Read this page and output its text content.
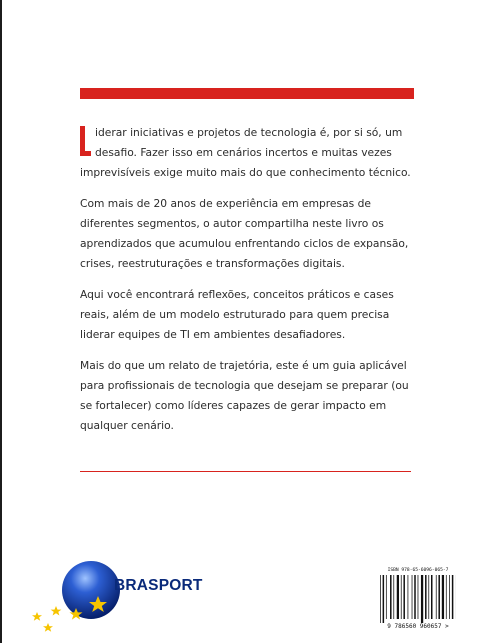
iderar iniciativas e projetos de tecnologia é, por si só, um desafio. Fazer isso em cenários incertos e muitas vezes imprevisíveis exige muito mais do que conhecimento técnico.

Com mais de 20 anos de experiência em empresas de diferentes segmentos, o autor compartilha neste livro os aprendizados que acumulou enfrentando ciclos de expansão, crises, reestruturações e transformações digitais.

Aqui você encontrará reflexões, conceitos práticos e cases reais, além de um modelo estruturado para quem precisa liderar equipes de TI em ambientes desafiadores.

Mais do que um relato de trajetória, este é um guia aplicável para profissionais de tecnologia que desejam se preparar (ou se fortalecer) como líderes capazes de gerar impacto em qualquer cenário.

BRASPORT
ISBN 978-65-6096-065-7
9 786560 960657 >
